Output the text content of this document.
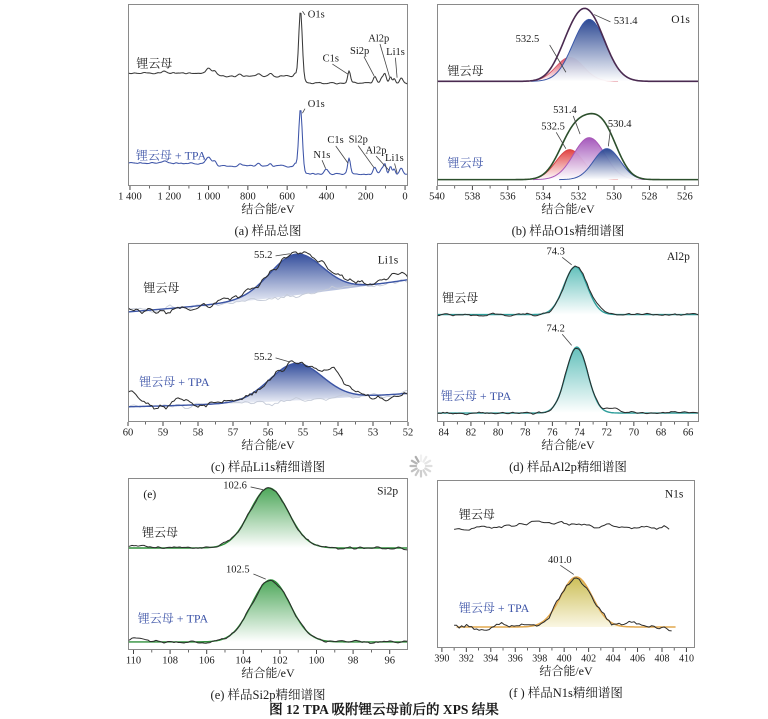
1 400 1 200 1 000 800 600 400 200	0
O1s
C1s
Si2p
Al2p
Li1s
锂云母
O1s
N1s
C1s Si2p
Al2p
Li1s
锂云母 + TPA
结合能/eV
(a) 样品总图
540 538 536 534 532 530 528 526
532.5
531.4
锂云母
531.4
532.5	530.4
锂云母
O1s
结合能/eV
(b) 样品O1s精细谱图
60 59 58 57 56 55 54 53 52
55.2
锂云母
55.2
锂云母 + TPA
Li1s
结合能/eV
(c) 样品Li1s精细谱图
84 82 80 78 76 74 72 70 68 66
74.3
锂云母
74.2
锂云母 + TPA
Al2p
结合能/eV
(d) 样品Al2p精细谱图
110 108 106 104 102 100 98 96
102.6
锂云母
102.5
锂云母 + TPA
(e)	Si2p
结合能/eV
(e) 样品Si2p精细谱图
390 392 394 396 398 400 402 404 406 408 410
锂云母
401.0
锂云母 + TPA
N1s
结合能/eV
(f ) 样品N1s精细谱图
图 12 TPA 吸附锂云母前后的 XPS 结果
